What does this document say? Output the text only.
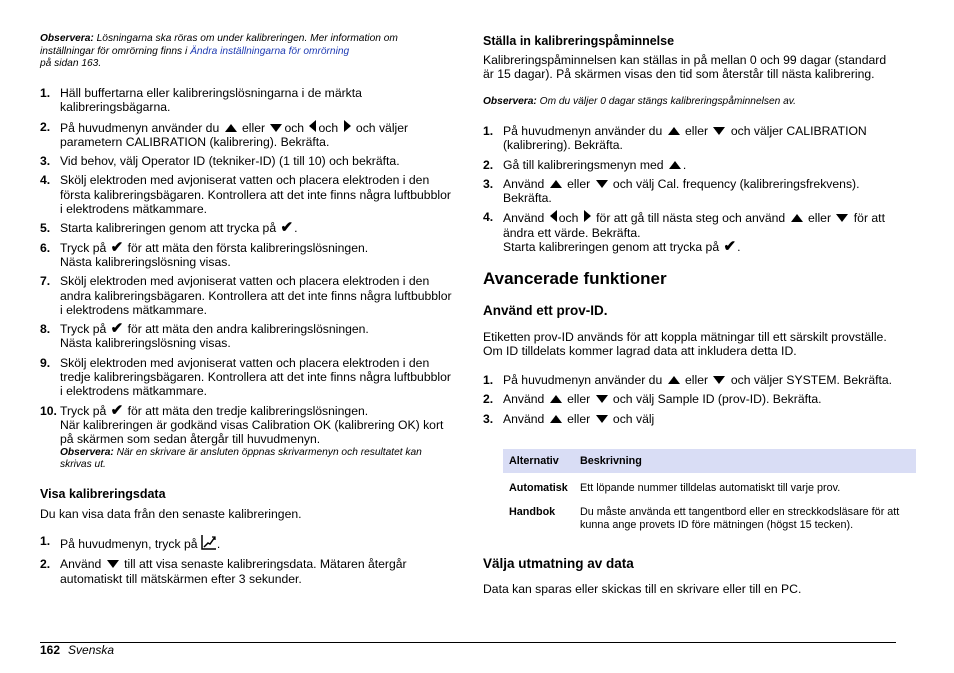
Observera: Lösningarna ska röras om under kalibreringen. Mer information om inställningar för omrörning finns i Ändra inställningarna för omrörning
på sidan 163.
1. Häll buffertarna eller kalibreringslösningarna i de märkta kalibreringsbägarna.
2. På huvudmenyn använder du  eller och och  och väljer parametern CALIBRATION (kalibrering). Bekräfta.
3. Vid behov, välj Operator ID (tekniker-ID) (1 till 10) och bekräfta.
4. Skölj elektroden med avjoniserat vatten och placera elektroden i den första kalibreringsbägaren. Kontrollera att det inte finns några luftbubblor i elektrodens mätkammare.
5. Starta kalibreringen genom att trycka på ✔.
6. Tryck på ✔ för att mäta den första kalibreringslösningen.
Nästa kalibreringslösning visas.
7. Skölj elektroden med avjoniserat vatten och placera elektroden i den andra kalibreringsbägaren. Kontrollera att det inte finns några luftbubblor i elektrodens mätkammare.
8. Tryck på ✔ för att mäta den andra kalibreringslösningen.
Nästa kalibreringslösning visas.
9. Skölj elektroden med avjoniserat vatten och placera elektroden i den tredje kalibreringsbägaren. Kontrollera att det inte finns några luftbubblor i elektrodens mätkammare.
10. Tryck på ✔ för att mäta den tredje kalibreringslösningen.
När kalibreringen är godkänd visas Calibration OK (kalibrering OK) kort på skärmen som sedan återgår till huvudmenyn.
Observera: När en skrivare är ansluten öppnas skrivarmenyn och resultatet kan skrivas ut.
Visa kalibreringsdata
Du kan visa data från den senaste kalibreringen.
1. På huvudmenyn, tryck på .
2. Använd  till att visa senaste kalibreringsdata. Mätaren återgår automatiskt till mätskärmen efter 3 sekunder.
Ställa in kalibreringspåminnelse
Kalibreringspåminnelsen kan ställas in på mellan 0 och 99 dagar (standard är 15 dagar). På skärmen visas den tid som återstår till nästa kalibrering.
Observera: Om du väljer 0 dagar stängs kalibreringspåminnelsen av.
1. På huvudmenyn använder du  eller  och väljer CALIBRATION (kalibrering). Bekräfta.
2. Gå till kalibreringsmenyn med .
3. Använd  eller  och välj Cal. frequency (kalibreringsfrekvens). Bekräfta.
4. Använd och  för att gå till nästa steg och använd  eller  för att ändra ett värde. Bekräfta.
Starta kalibreringen genom att trycka på ✔.
Avancerade funktioner
Använd ett prov-ID.
Etiketten prov-ID används för att koppla mätningar till ett särskilt provställe. Om ID tilldelats kommer lagrad data att inkludera detta ID.
1. På huvudmenyn använder du  eller  och väljer SYSTEM. Bekräfta.
2. Använd  eller  och välj Sample ID (prov-ID). Bekräfta.
3. Använd  eller  och välj
Alternativ	Beskrivning
Automatisk	Ett löpande nummer tilldelas automatiskt till varje prov.
Handbok	Du måste använda ett tangentbord eller en streckkodsläsare för att kunna ange provets ID före mätningen (högst 15 tecken).
Välja utmatning av data
Data kan sparas eller skickas till en skrivare eller till en PC.
162 Svenska
